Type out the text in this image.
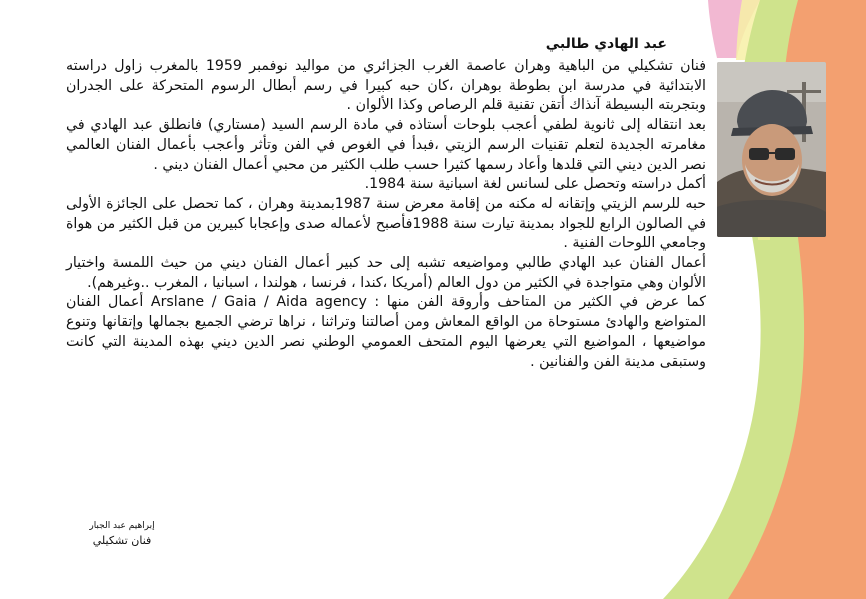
عبد الهادي طالبي

فنان تشكيلي من الباهية وهران عاصمة الغرب الجزائري من مواليد نوفمبر 1959 بالمغرب زاول دراسته الابتدائية في مدرسة ابن بطوطة بوهران ،كان حبه كبيرا في رسم أبطال الرسوم المتحركة على الجدران وبتجربته البسيطة آنذاك أتقن تقنية قلم الرصاص وكذا الألوان .

بعد انتقاله إلى ثانوية لطفي أعجب بلوحات أستاذه في مادة الرسم السيد (مستاري) فانطلق عبد الهادي في مغامرته الجديدة لتعلم تقنيات الرسم الزيتي ،فبدأ في الغوص في الفن وتأثر وأعجب بأعمال الفنان العالمي نصر الدين ديني التي قلدها وأعاد رسمها كثيرا حسب طلب الكثير من محبي أعمال الفنان ديني .

أكمل دراسته وتحصل على لسانس لغة اسبانية سنة 1984.

حبه للرسم الزيتي وإتقانه له مكنه من إقامة معرض سنة 1987بمدينة وهران ، كما تحصل على الجائزة الأولى في الصالون الرابع للجواد بمدينة تيارت سنة 1988فأصبح لأعماله صدى وإعجابا كبيرين من قبل الكثير من هواة وجامعي اللوحات الفنية .

أعمال الفنان عبد الهادي طالبي ومواضيعه تشبه إلى حد كبير أعمال الفنان ديني من حيث اللمسة واختيار الألوان وهي متواجدة في الكثير من دول العالم (أمريكا ،كندا ، فرنسا ، هولندا ، اسبانيا ، المغرب ..وغيرهم).

كما عرض في الكثير من المتاحف وأروقة الفن منها : Arslane / Gaia / Aida agency أعمال الفنان المتواضع والهادئ مستوحاة من الواقع المعاش ومن أصالتنا وتراثنا ، نراها ترضي الجميع بجمالها وإتقانها وتنوع مواضيعها ، المواضيع التي يعرضها اليوم المتحف العمومي الوطني نصر الدين ديني بهذه المدينة التي كانت وستبقى مدينة الفن والفنانين .

إبراهيم عبد الجبار
فنان تشكيلي
